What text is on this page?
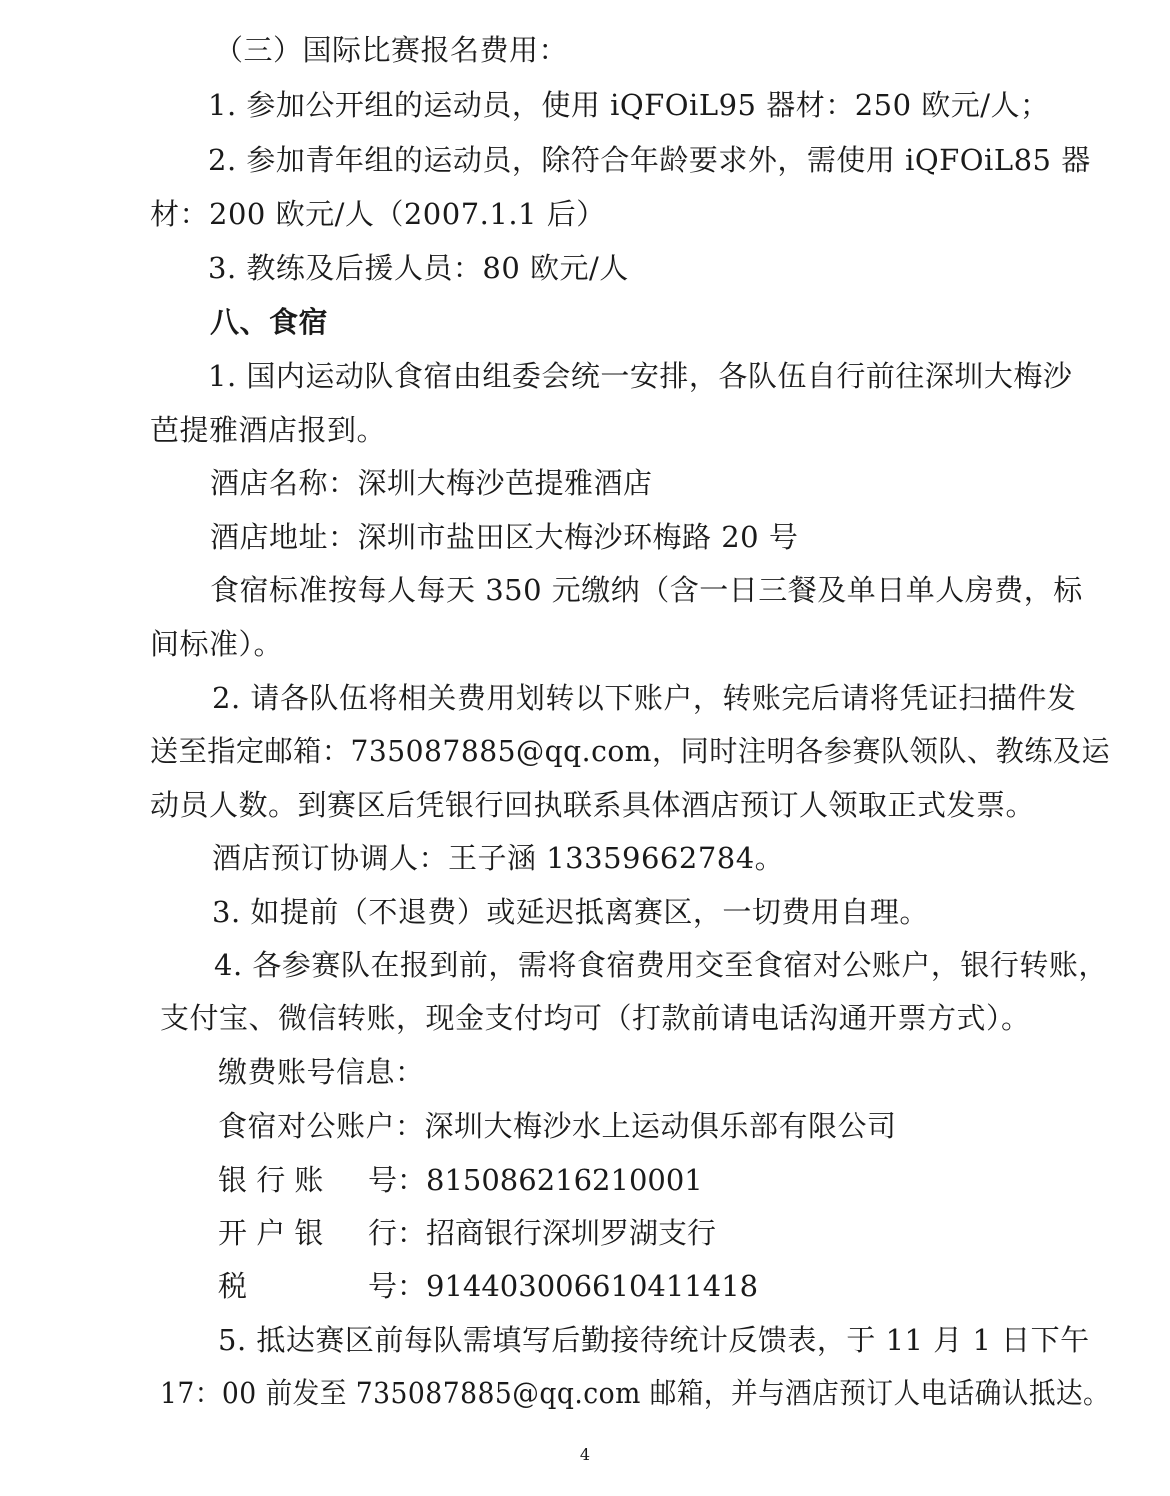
（三）国际比赛报名费用：
1. 参加公开组的运动员，使用 iQFOiL95 器材：250 欧元/人；
2. 参加青年组的运动员，除符合年龄要求外，需使用 iQFOiL85 器
材：200 欧元/人（2007.1.1 后）
3. 教练及后援人员：80 欧元/人
八、食宿
1. 国内运动队食宿由组委会统一安排，各队伍自行前往深圳大梅沙
芭提雅酒店报到。
酒店名称：深圳大梅沙芭提雅酒店
酒店地址：深圳市盐田区大梅沙环梅路 20 号
食宿标准按每人每天 350 元缴纳（含一日三餐及单日单人房费，标
间标准）。
2. 请各队伍将相关费用划转以下账户，转账完后请将凭证扫描件发
送至指定邮箱：735087885@qq.com，同时注明各参赛队领队、教练及运
动员人数。到赛区后凭银行回执联系具体酒店预订人领取正式发票。
酒店预订协调人：王子涵 13359662784。
3. 如提前（不退费）或延迟抵离赛区，一切费用自理。
4. 各参赛队在报到前，需将食宿费用交至食宿对公账户，银行转账，
支付宝、微信转账，现金支付均可（打款前请电话沟通开票方式）。
缴费账号信息：
食宿对公账户：深圳大梅沙水上运动俱乐部有限公司
银 行 账 号： 815086216210001
开 户 银 行： 招商银行深圳罗湖支行
税	号： 914403006610411418
5. 抵达赛区前每队需填写后勤接待统计反馈表，于 11 月 1 日下午
17：00 前发至 735087885@qq.com 邮箱，并与酒店预订人电话确认抵达。
4
